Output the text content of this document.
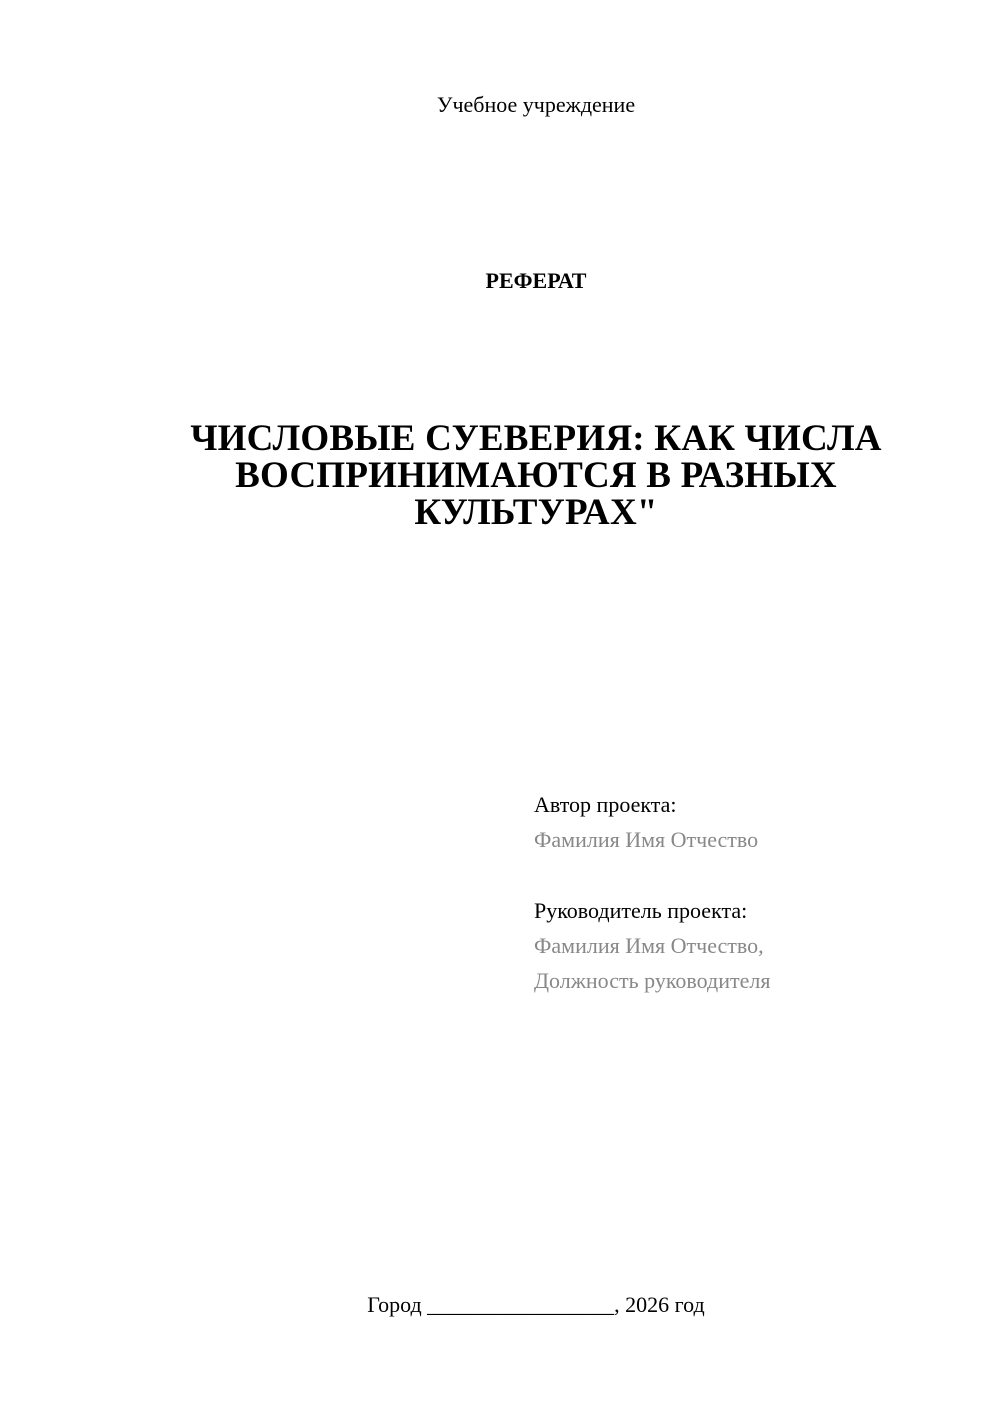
Учебное учреждение
РЕФЕРАТ
ЧИСЛОВЫЕ СУЕВЕРИЯ: КАК ЧИСЛА
ВОСПРИНИМАЮТСЯ В РАЗНЫХ
КУЛЬТУРАХ"
Автор проекта:
Фамилия Имя Отчество
Руководитель проекта:
Фамилия Имя Отчество,
Должность руководителя
Город _________________, 2026 год
